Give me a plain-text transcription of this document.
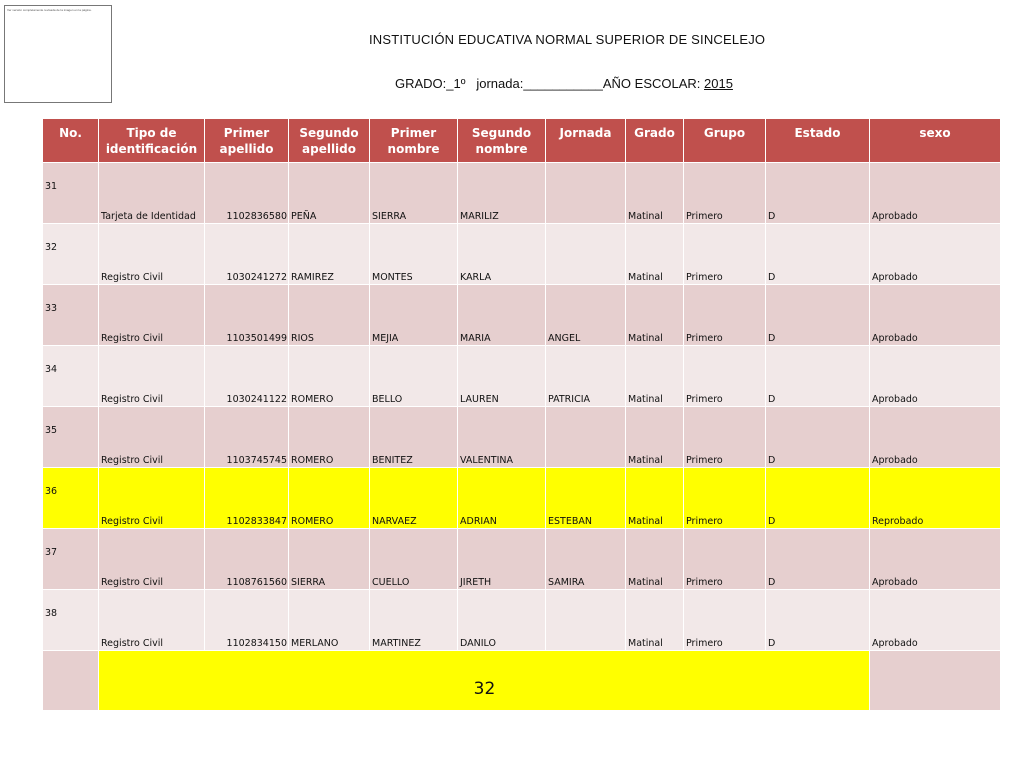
Ver versión completamente revisada de la imagen en la página.
INSTITUCIÓN EDUCATIVA NORMAL SUPERIOR DE SINCELEJO
GRADO:_1º jornada:___________AÑO ESCOLAR: 2015
No.	Tipo de identificación	Primer apellido	Segundo apellido	Primer nombre	Segundo nombre	Jornada	Grado	Grupo	Estado	sexo
31	Tarjeta de Identidad	1102836580	PEÑA	SIERRA	MARILIZ		Matinal	Primero	D	Aprobado
32	Registro Civil	1030241272	RAMIREZ	MONTES	KARLA		Matinal	Primero	D	Aprobado
33	Registro Civil	1103501499	RIOS	MEJIA	MARIA	ANGEL	Matinal	Primero	D	Aprobado
34	Registro Civil	1030241122	ROMERO	BELLO	LAUREN	PATRICIA	Matinal	Primero	D	Aprobado
35	Registro Civil	1103745745	ROMERO	BENITEZ	VALENTINA		Matinal	Primero	D	Aprobado
36	Registro Civil	1102833847	ROMERO	NARVAEZ	ADRIAN	ESTEBAN	Matinal	Primero	D	Reprobado
37	Registro Civil	1108761560	SIERRA	CUELLO	JIRETH	SAMIRA	Matinal	Primero	D	Aprobado
38	Registro Civil	1102834150	MERLANO	MARTINEZ	DANILO		Matinal	Primero	D	Aprobado
	32									
